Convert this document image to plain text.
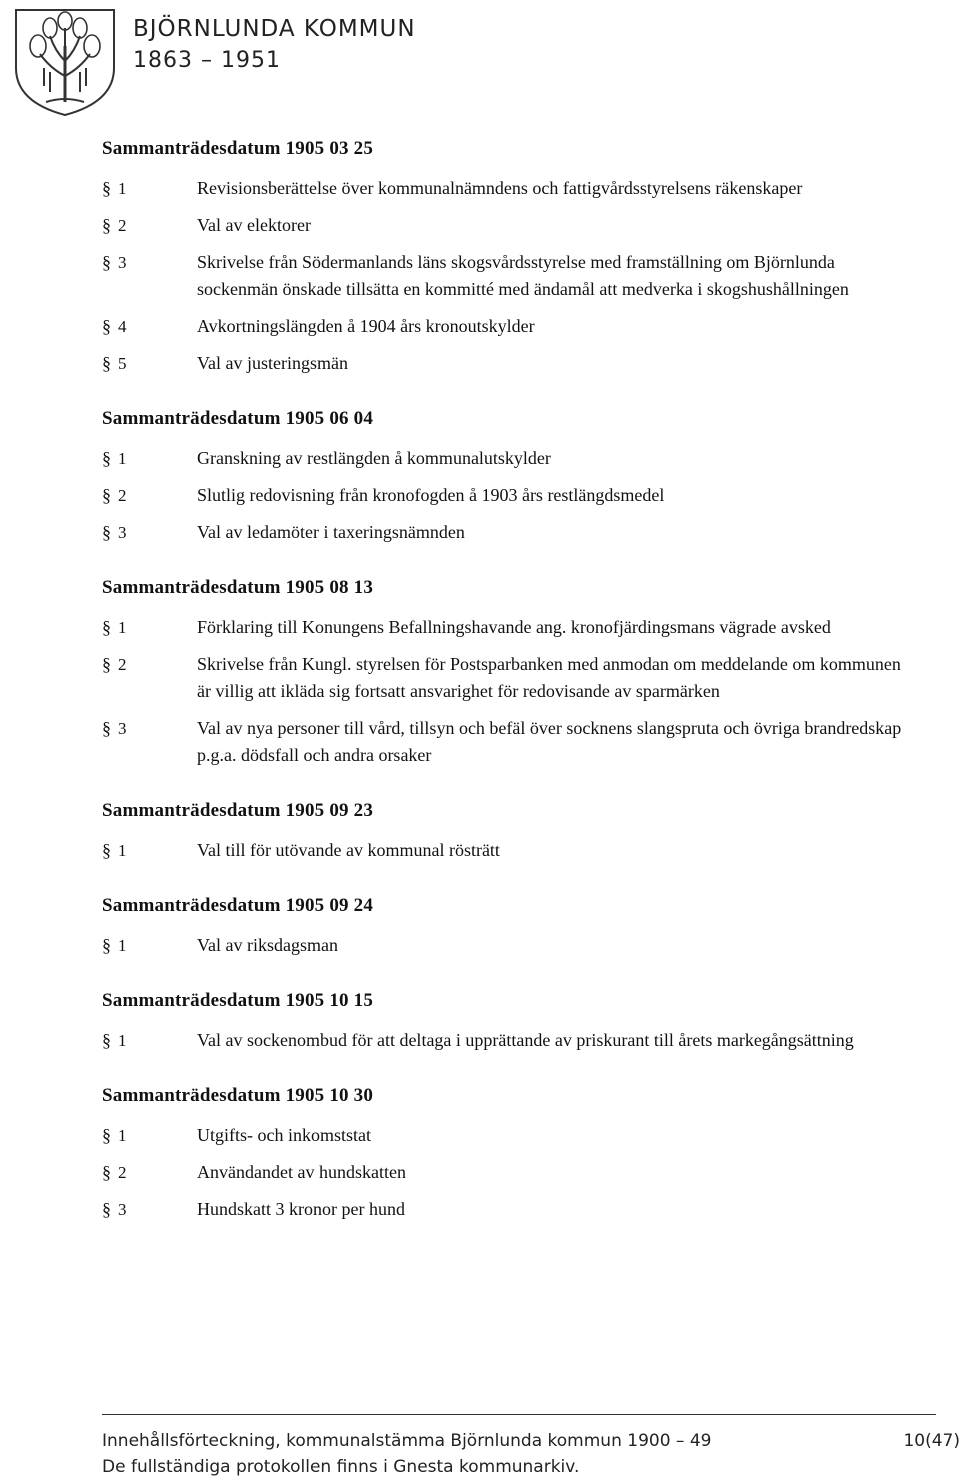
BJÖRNLUNDA KOMMUN
1863 – 1951
Sammanträdesdatum 1905 03 25
§ 1	Revisionsberättelse över kommunalnämndens och fattigvårdsstyrelsens räkenskaper
§ 2	Val av elektorer
§ 3	Skrivelse från Södermanlands läns skogsvårdsstyrelse med framställning om Björnlunda sockenmän önskade tillsätta en kommitté med ändamål att medverka i skogshushållningen
§ 4	Avkortningslängden å 1904 års kronoutskylder
§ 5	Val av justeringsmän
Sammanträdesdatum 1905 06 04
§ 1	Granskning av restlängden å kommunalutskylder
§ 2	Slutlig redovisning från kronofogden å 1903 års restlängdsmedel
§ 3	Val av ledamöter i taxeringsnämnden
Sammanträdesdatum 1905 08 13
§ 1	Förklaring till Konungens Befallningshavande ang. kronofjärdingsmans vägrade avsked
§ 2	Skrivelse från Kungl. styrelsen för Postsparbanken med anmodan om meddelande om kommunen är villig att ikläda sig fortsatt ansvarighet för redovisande av sparmärken
§ 3	Val av nya personer till vård, tillsyn och befäl över socknens slangspruta och övriga brandredskap p.g.a. dödsfall och andra orsaker
Sammanträdesdatum 1905 09 23
§ 1	Val till för utövande av kommunal rösträtt
Sammanträdesdatum 1905 09 24
§ 1	Val av riksdagsman
Sammanträdesdatum 1905 10 15
§ 1	Val av sockenombud för att deltaga i upprättande av priskurant till årets markegångsättning
Sammanträdesdatum 1905 10 30
§ 1	Utgifts- och inkomststat
§ 2	Användandet av hundskatten
§ 3	Hundskatt 3 kronor per hund
Innehållsförteckning, kommunalstämma Björnlunda kommun 1900 – 49	10(47)
De fullständiga protokollen finns i Gnesta kommunarkiv.
